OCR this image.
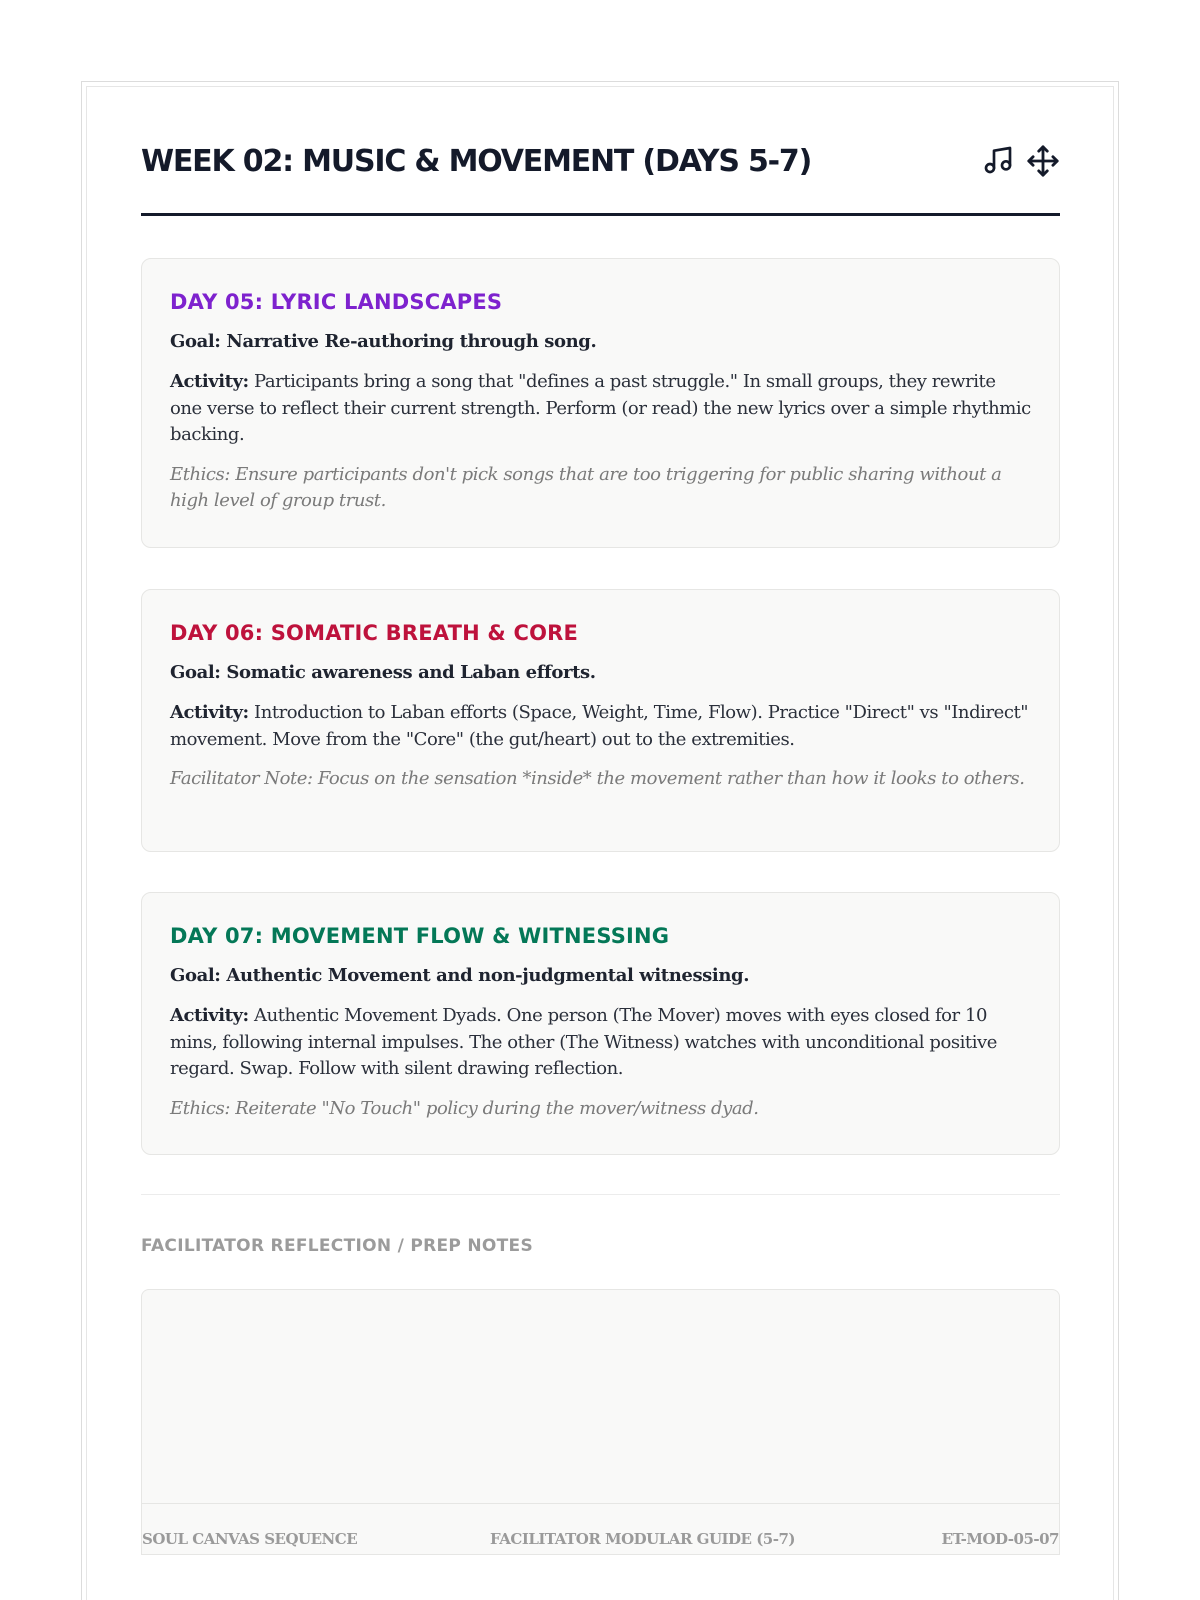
WEEK 02: MUSIC & MOVEMENT (DAYS 5-7)
DAY 05: LYRIC LANDSCAPES
Goal: Narrative Re-authoring through song.
Activity: Participants bring a song that "defines a past struggle." In small groups, they rewrite one verse to reflect their current strength. Perform (or read) the new lyrics over a simple rhythmic backing.
Ethics: Ensure participants don't pick songs that are too triggering for public sharing without a high level of group trust.
DAY 06: SOMATIC BREATH & CORE
Goal: Somatic awareness and Laban efforts.
Activity: Introduction to Laban efforts (Space, Weight, Time, Flow). Practice "Direct" vs "Indirect" movement. Move from the "Core" (the gut/heart) out to the extremities.
Facilitator Note: Focus on the sensation *inside* the movement rather than how it looks to others.
DAY 07: MOVEMENT FLOW & WITNESSING
Goal: Authentic Movement and non-judgmental witnessing.
Activity: Authentic Movement Dyads. One person (The Mover) moves with eyes closed for 10 mins, following internal impulses. The other (The Witness) watches with unconditional positive regard. Swap. Follow with silent drawing reflection.
Ethics: Reiterate "No Touch" policy during the mover/witness dyad.
FACILITATOR REFLECTION / PREP NOTES
SOUL CANVAS SEQUENCE	FACILITATOR MODULAR GUIDE (5-7)	ET-MOD-05-07
